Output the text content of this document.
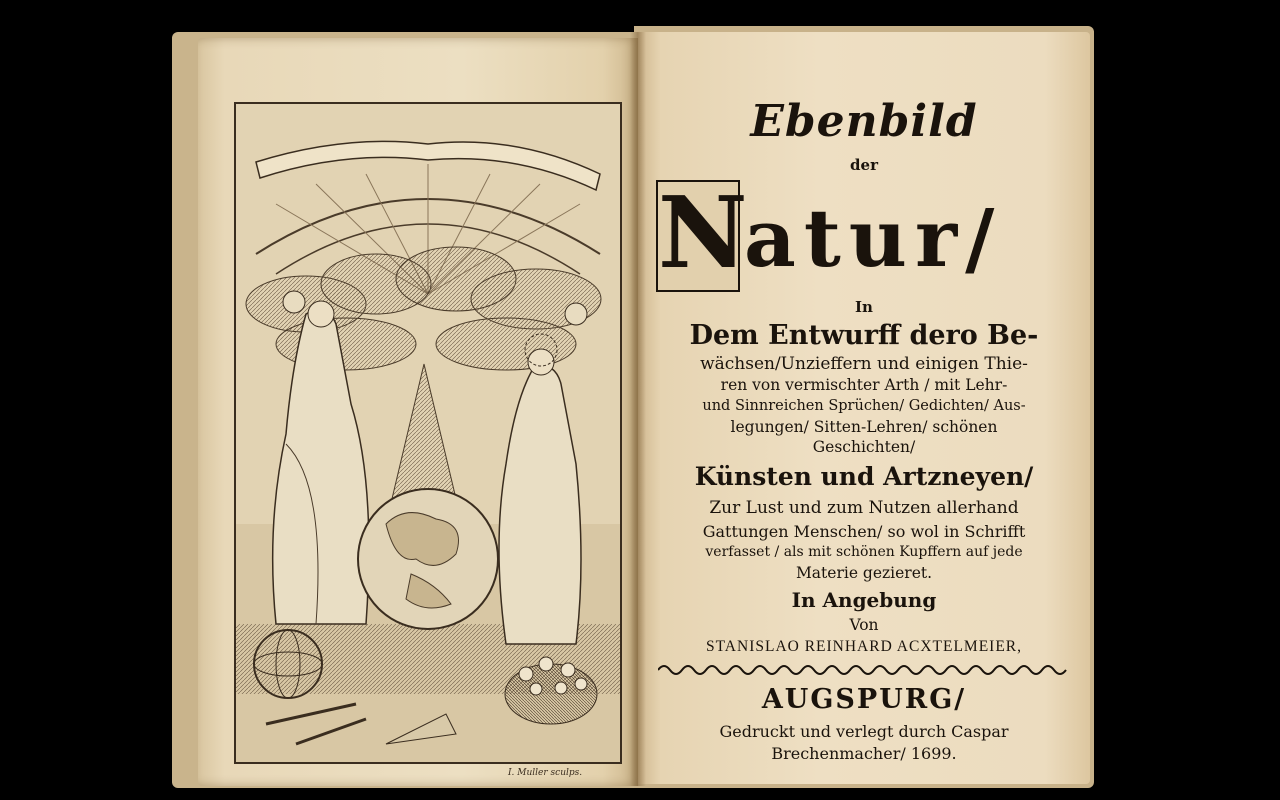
I. Muller sculps.
Ebenbild
der
N
atur/
In
Dem Entwurff dero Be-
wächsen/Unzieffern und einigen Thie-
ren von vermischter Arth / mit Lehr-
und Sinnreichen Sprüchen/ Gedichten/ Aus-
legungen/ Sitten-Lehren/ schönen
Geschichten/
Künsten und Artzneyen/
Zur Lust und zum Nutzen allerhand
Gattungen Menschen/ so wol in Schrifft
verfasset / als mit schönen Kupffern auf jede
Materie gezieret.
In Angebung
Von
STANISLAO REINHARD ACXTELMEIER,
AUGSPURG/
Gedruckt und verlegt durch Caspar
Brechenmacher/ 1699.
